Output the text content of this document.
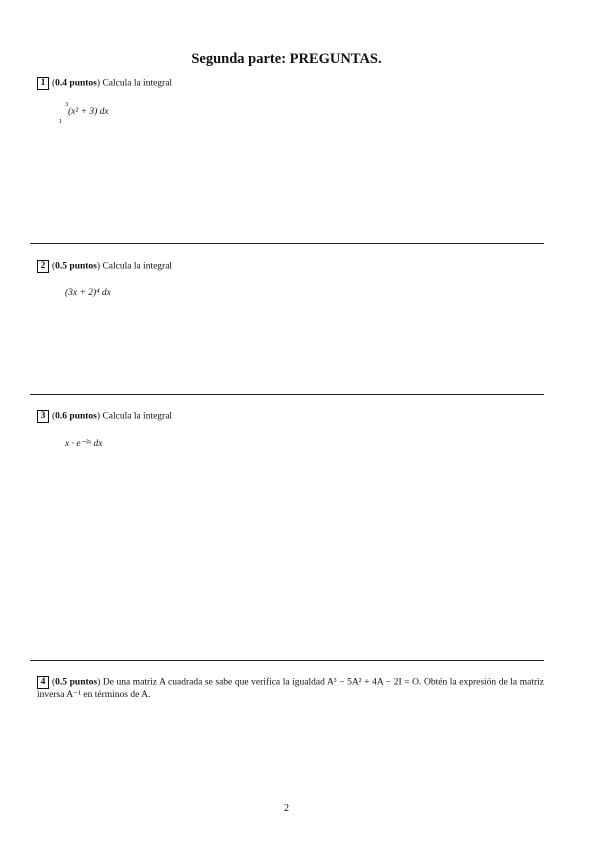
Segunda parte: PREGUNTAS.
1 (0.4 puntos) Calcula la integral
3
1
(x² + 3) dx
2 (0.5 puntos) Calcula la integral
(3x + 2)⁴ dx
3 (0.6 puntos) Calcula la integral
x · e⁻³ˣ dx
4 (0.5 puntos) De una matriz A cuadrada se sabe que verifica la igualdad A³ − 5A² + 4A − 2I = O. Obtén la expresión de la matriz inversa A⁻¹ en términos de A.
2
